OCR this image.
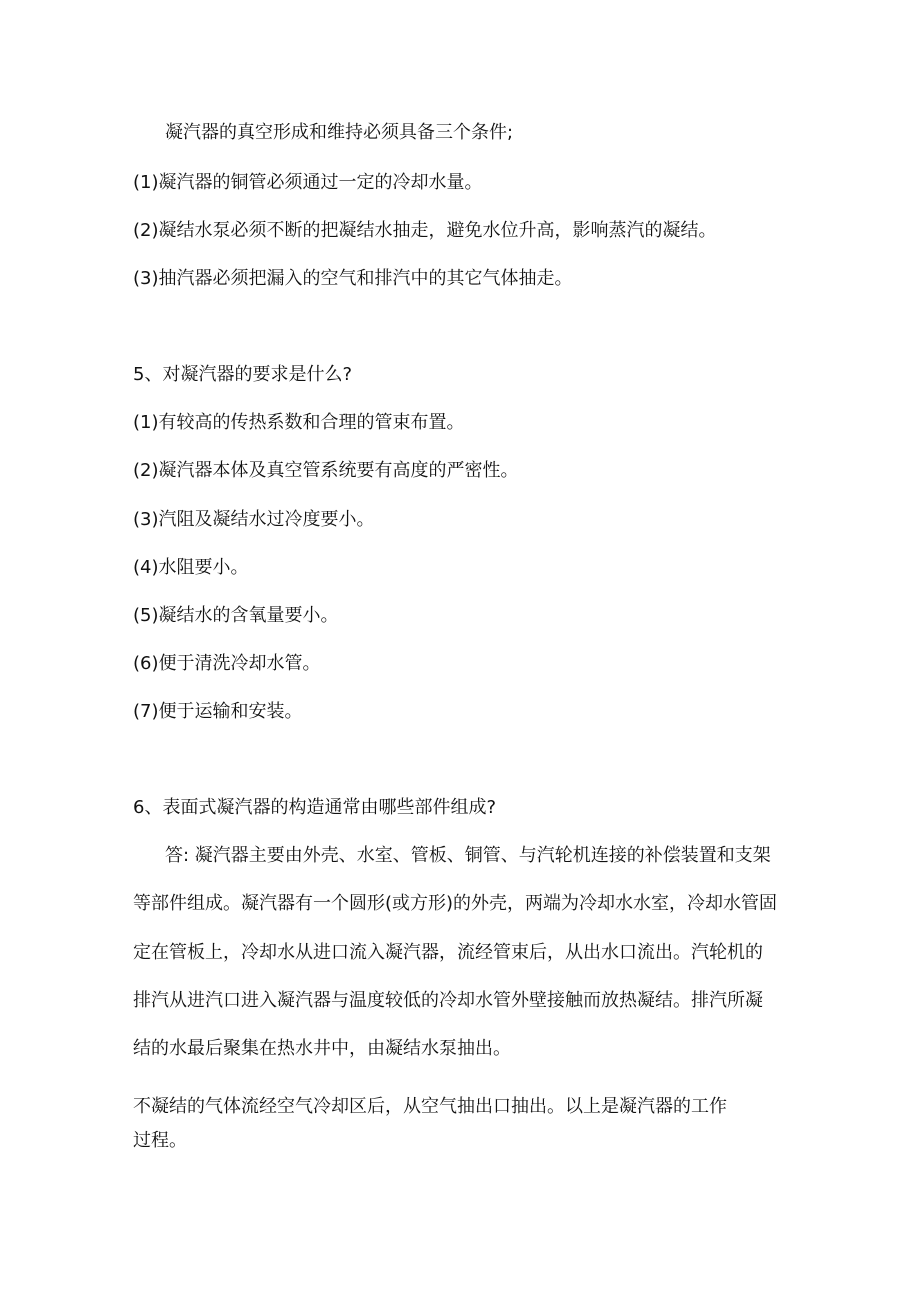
凝汽器的真空形成和维持必须具备三个条件;
(1)凝汽器的铜管必须通过一定的冷却水量。
(2)凝结水泵必须不断的把凝结水抽走，避免水位升高，影响蒸汽的凝结。
(3)抽汽器必须把漏入的空气和排汽中的其它气体抽走。
5、对凝汽器的要求是什么?
(1)有较高的传热系数和合理的管束布置。
(2)凝汽器本体及真空管系统要有高度的严密性。
(3)汽阻及凝结水过冷度要小。
(4)水阻要小。
(5)凝结水的含氧量要小。
(6)便于清洗冷却水管。
(7)便于运输和安装。
6、表面式凝汽器的构造通常由哪些部件组成?
答: 凝汽器主要由外壳、水室、管板、铜管、与汽轮机连接的补偿装置和支架
等部件组成。凝汽器有一个圆形(或方形)的外壳，两端为冷却水水室，冷却水管固
定在管板上，冷却水从进口流入凝汽器，流经管束后，从出水口流出。汽轮机的
排汽从进汽口进入凝汽器与温度较低的冷却水管外壁接触而放热凝结。排汽所凝
结的水最后聚集在热水井中，由凝结水泵抽出。
不凝结的气体流经空气冷却区后，从空气抽出口抽出。以上是凝汽器的工作
过程。
